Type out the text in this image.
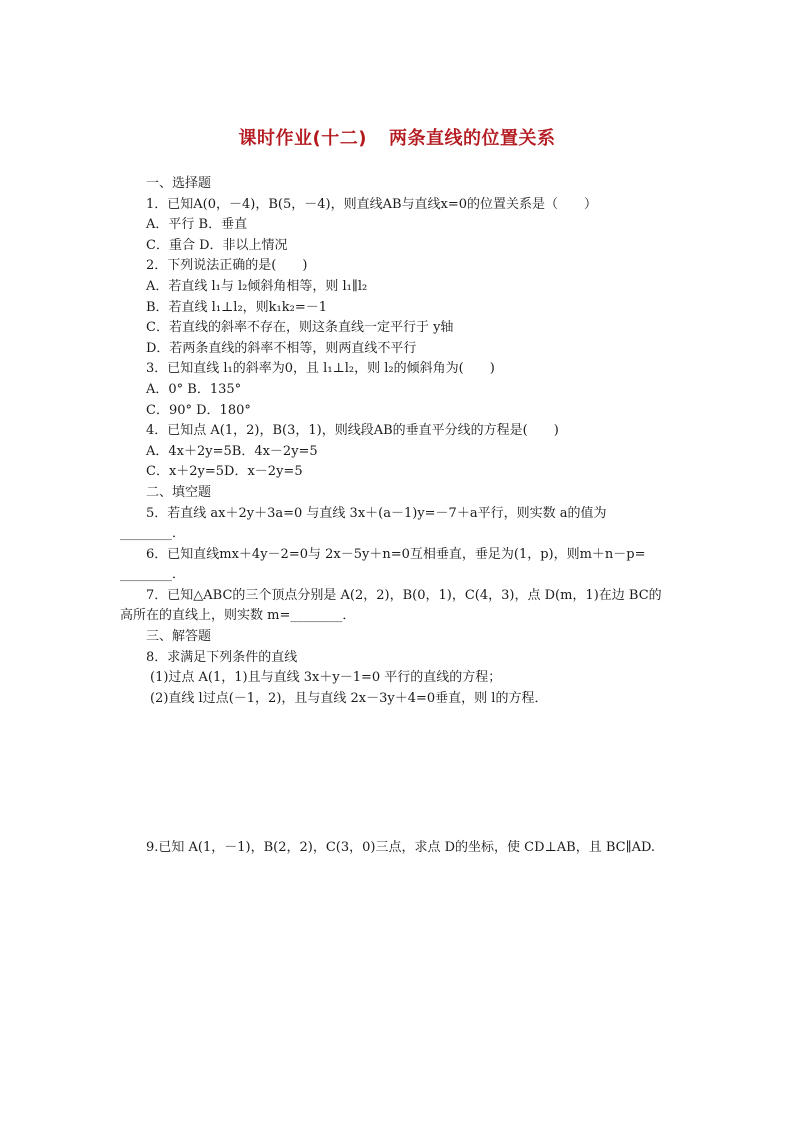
课时作业(十二) 两条直线的位置关系
一、选择题
1．已知A(0，－4)，B(5，－4)，则直线AB与直线x=0的位置关系是（　　）
A．平行 B．垂直
C．重合 D．非以上情况
2．下列说法正确的是(　　)
A．若直线 l₁与 l₂倾斜角相等，则 l₁∥l₂
B．若直线 l₁⊥l₂，则k₁k₂=－1
C．若直线的斜率不存在，则这条直线一定平行于 y轴
D．若两条直线的斜率不相等，则两直线不平行
3．已知直线 l₁的斜率为0，且 l₁⊥l₂，则 l₂的倾斜角为(　　)
A．0° B．135°
C．90° D．180°
4．已知点 A(1，2)，B(3，1)，则线段AB的垂直平分线的方程是(　　)
A．4x＋2y=5B．4x－2y=5
C．x＋2y=5D．x－2y=5
二、填空题
5．若直线 ax＋2y＋3a=0 与直线 3x＋(a－1)y=－7＋a平行，则实数 a的值为
________．
6．已知直线mx＋4y－2=0与 2x－5y＋n=0互相垂直，垂足为(1，p)，则m＋n－p=
________．
7．已知△ABC的三个顶点分别是 A(2，2)，B(0，1)，C(4，3)，点 D(m，1)在边 BC的
高所在的直线上，则实数 m=________．
三、解答题
8．求满足下列条件的直线
(1)过点 A(1，1)且与直线 3x＋y－1=0 平行的直线的方程；
(2)直线 l过点(－1，2)，且与直线 2x－3y＋4=0垂直，则 l的方程．
9.已知 A(1，－1)，B(2，2)，C(3，0)三点，求点 D的坐标，使 CD⊥AB，且 BC∥AD.
